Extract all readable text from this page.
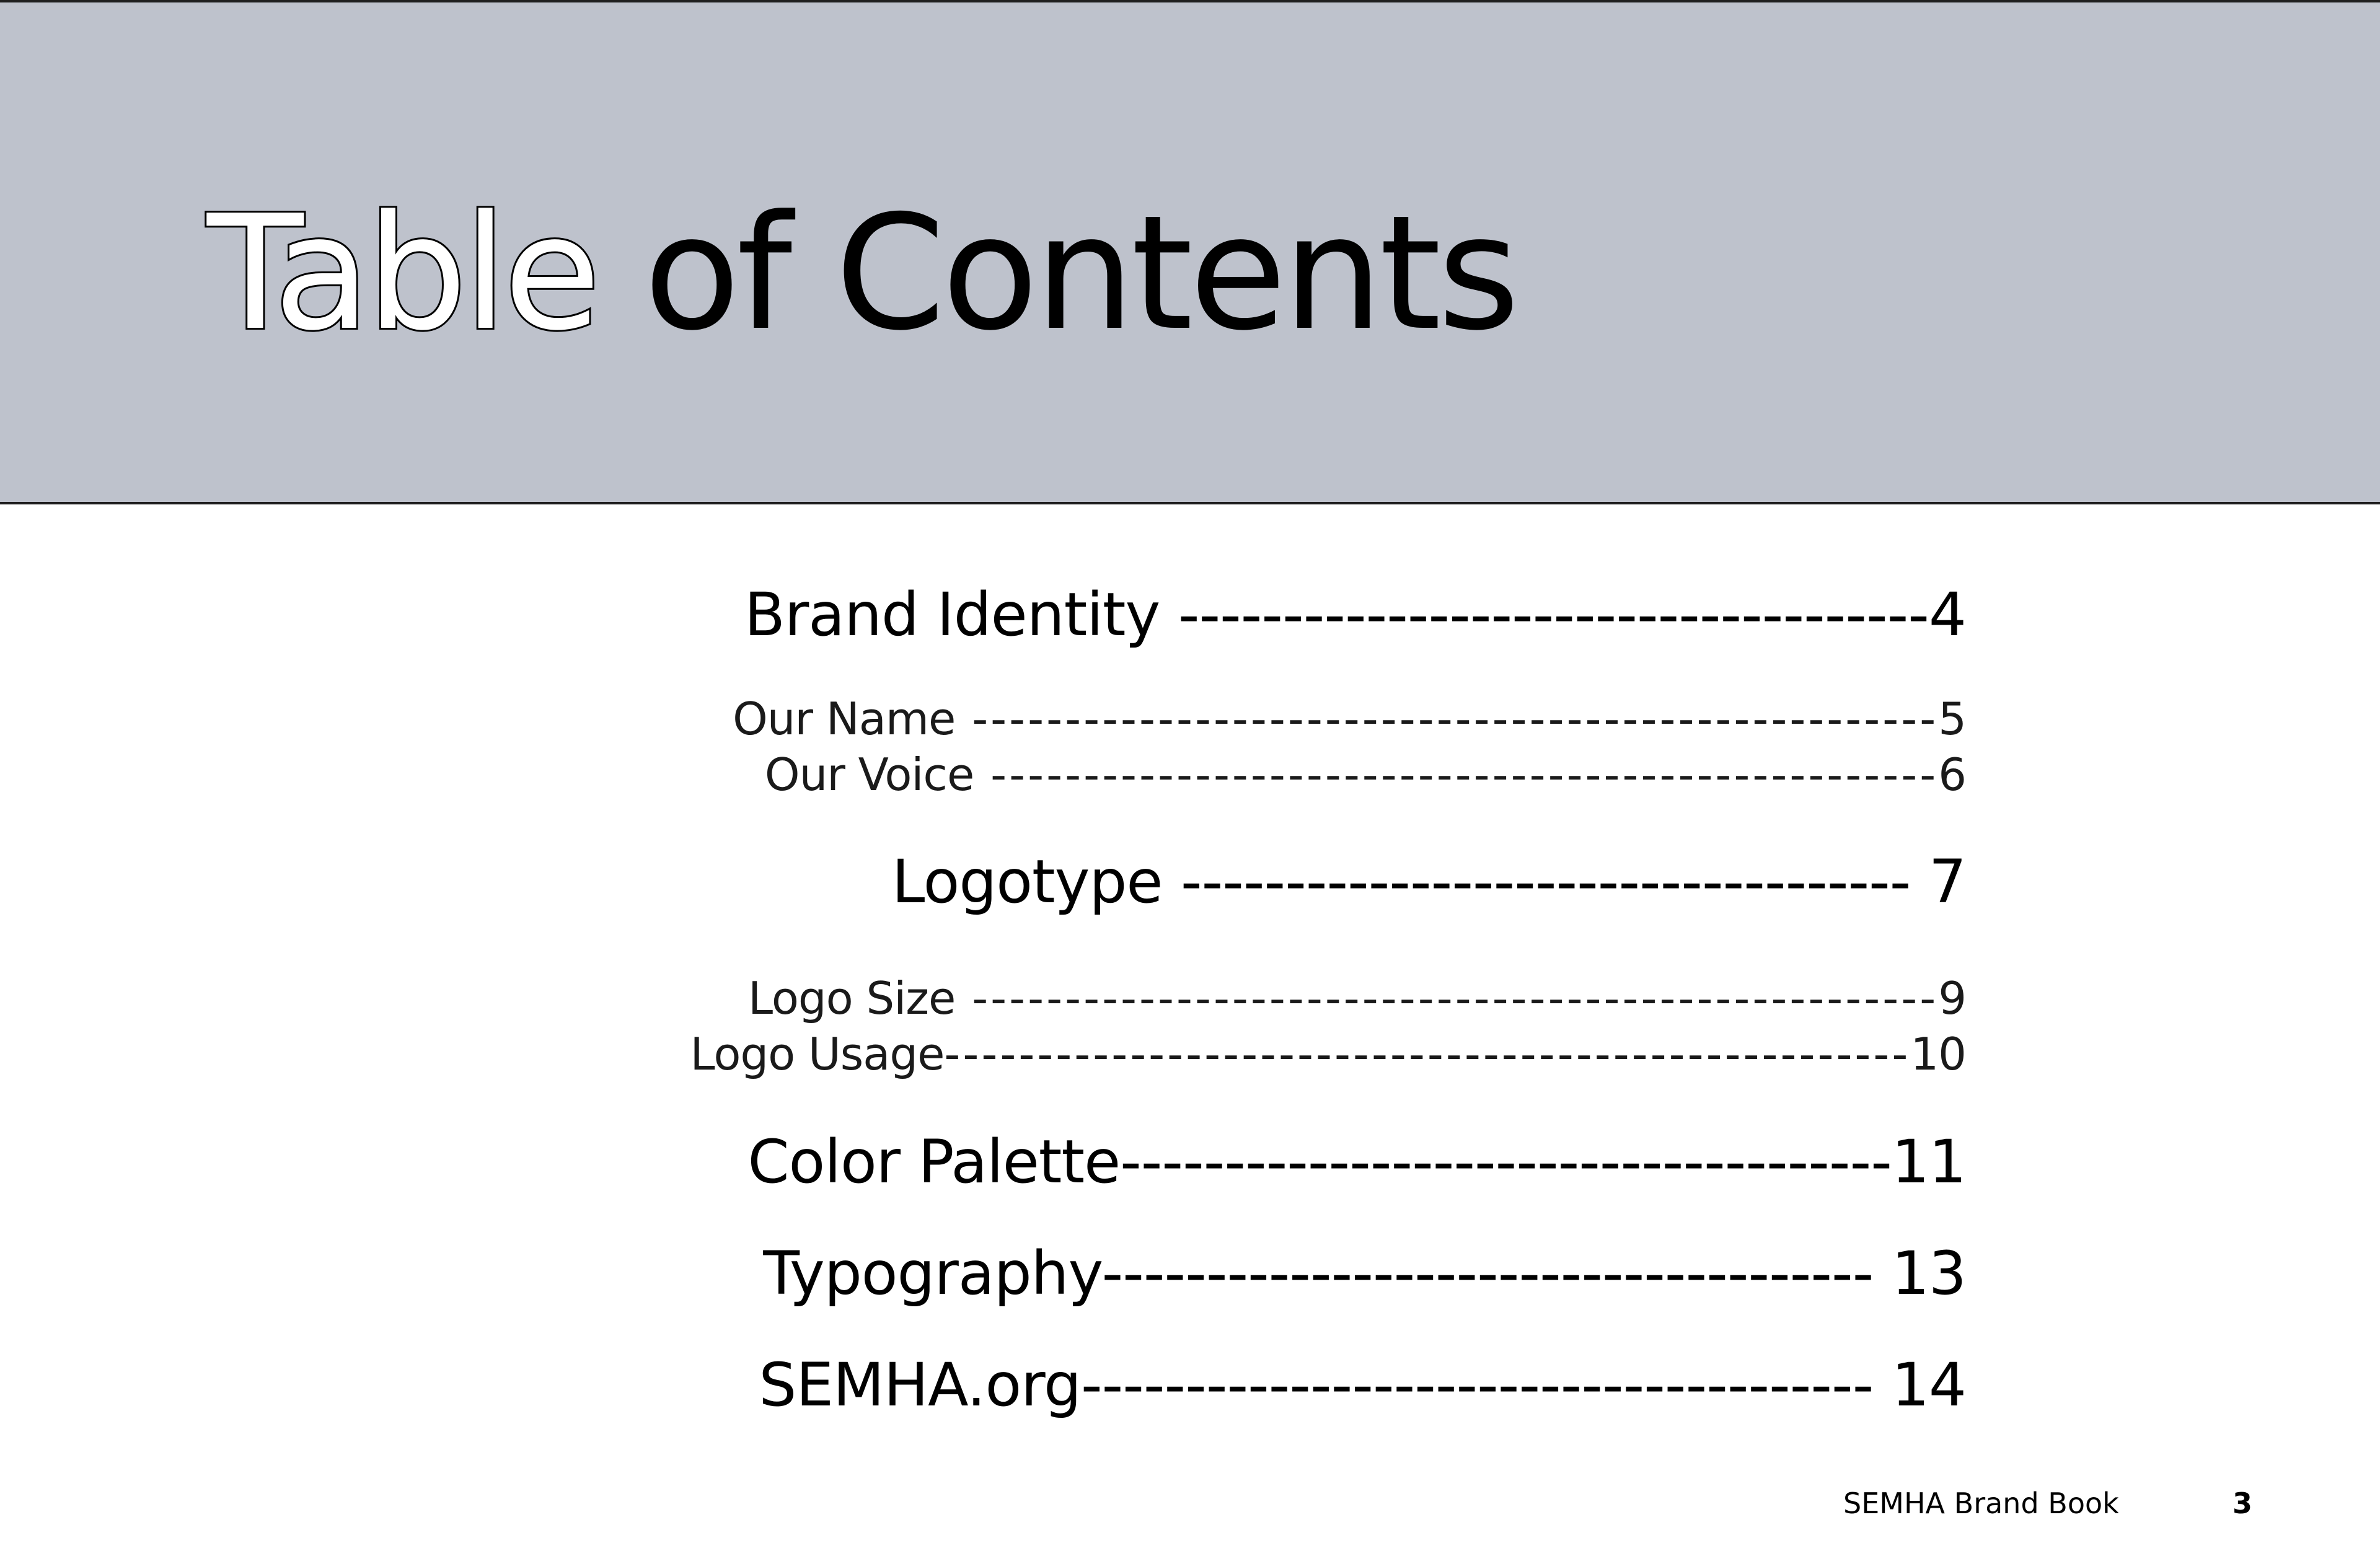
Table of Contents
Brand Identity ------------------------------------4
Our Name ----------------------------------------------------5
Our Voice ---------------------------------------------------6
Logotype ----------------------------------- 7
Logo Size ----------------------------------------------------9
Logo Usage----------------------------------------------------10
Color Palette-------------------------------------11
Typography------------------------------------- 13
SEMHA.org-------------------------------------- 14
SEMHA Brand Book	3
